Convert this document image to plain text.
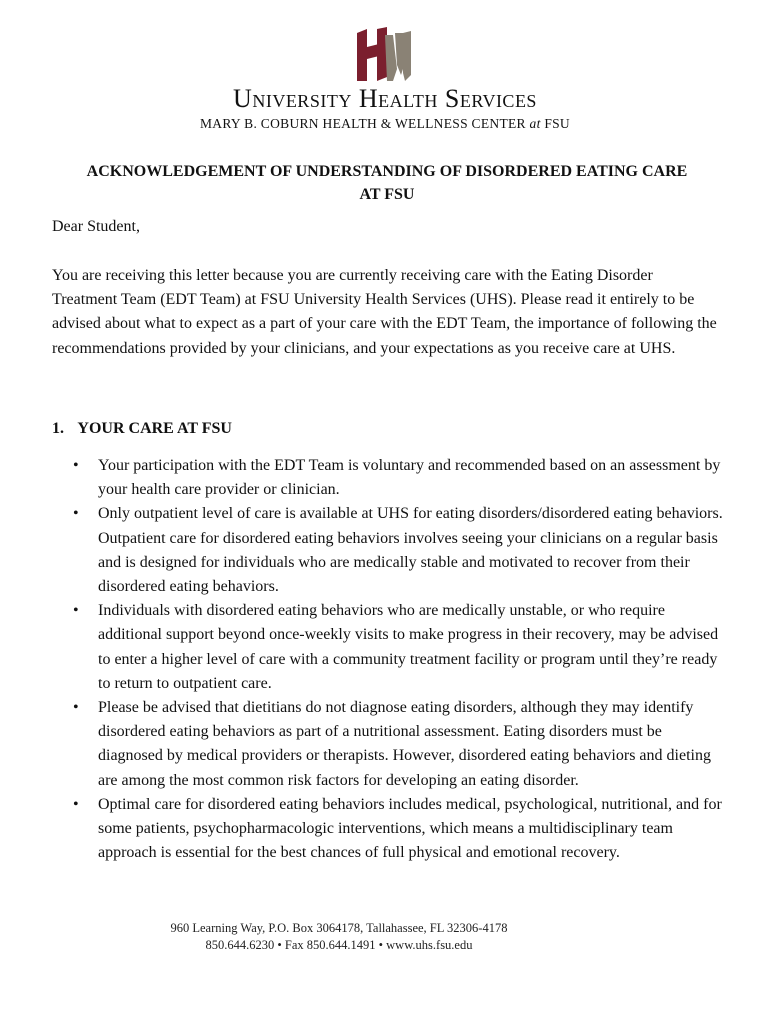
University Health Services
MARY B. COBURN HEALTH & WELLNESS CENTER at FSU
ACKNOWLEDGEMENT OF UNDERSTANDING OF DISORDERED EATING CARE
AT FSU
Dear Student,
You are receiving this letter because you are currently receiving care with the Eating Disorder Treatment Team (EDT Team) at FSU University Health Services (UHS). Please read it entirely to be advised about what to expect as a part of your care with the EDT Team, the importance of following the recommendations provided by your clinicians, and your expectations as you receive care at UHS.
1. YOUR CARE AT FSU
• Your participation with the EDT Team is voluntary and recommended based on an assessment by your health care provider or clinician.
• Only outpatient level of care is available at UHS for eating disorders/disordered eating behaviors. Outpatient care for disordered eating behaviors involves seeing your clinicians on a regular basis and is designed for individuals who are medically stable and motivated to recover from their disordered eating behaviors.
• Individuals with disordered eating behaviors who are medically unstable, or who require additional support beyond once-weekly visits to make progress in their recovery, may be advised to enter a higher level of care with a community treatment facility or program until they’re ready to return to outpatient care.
• Please be advised that dietitians do not diagnose eating disorders, although they may identify disordered eating behaviors as part of a nutritional assessment. Eating disorders must be diagnosed by medical providers or therapists. However, disordered eating behaviors and dieting are among the most common risk factors for developing an eating disorder.
• Optimal care for disordered eating behaviors includes medical, psychological, nutritional, and for some patients, psychopharmacologic interventions, which means a multidisciplinary team approach is essential for the best chances of full physical and emotional recovery.
960 Learning Way, P.O. Box 3064178, Tallahassee, FL 32306-4178
850.644.6230 • Fax 850.644.1491 • www.uhs.fsu.edu
